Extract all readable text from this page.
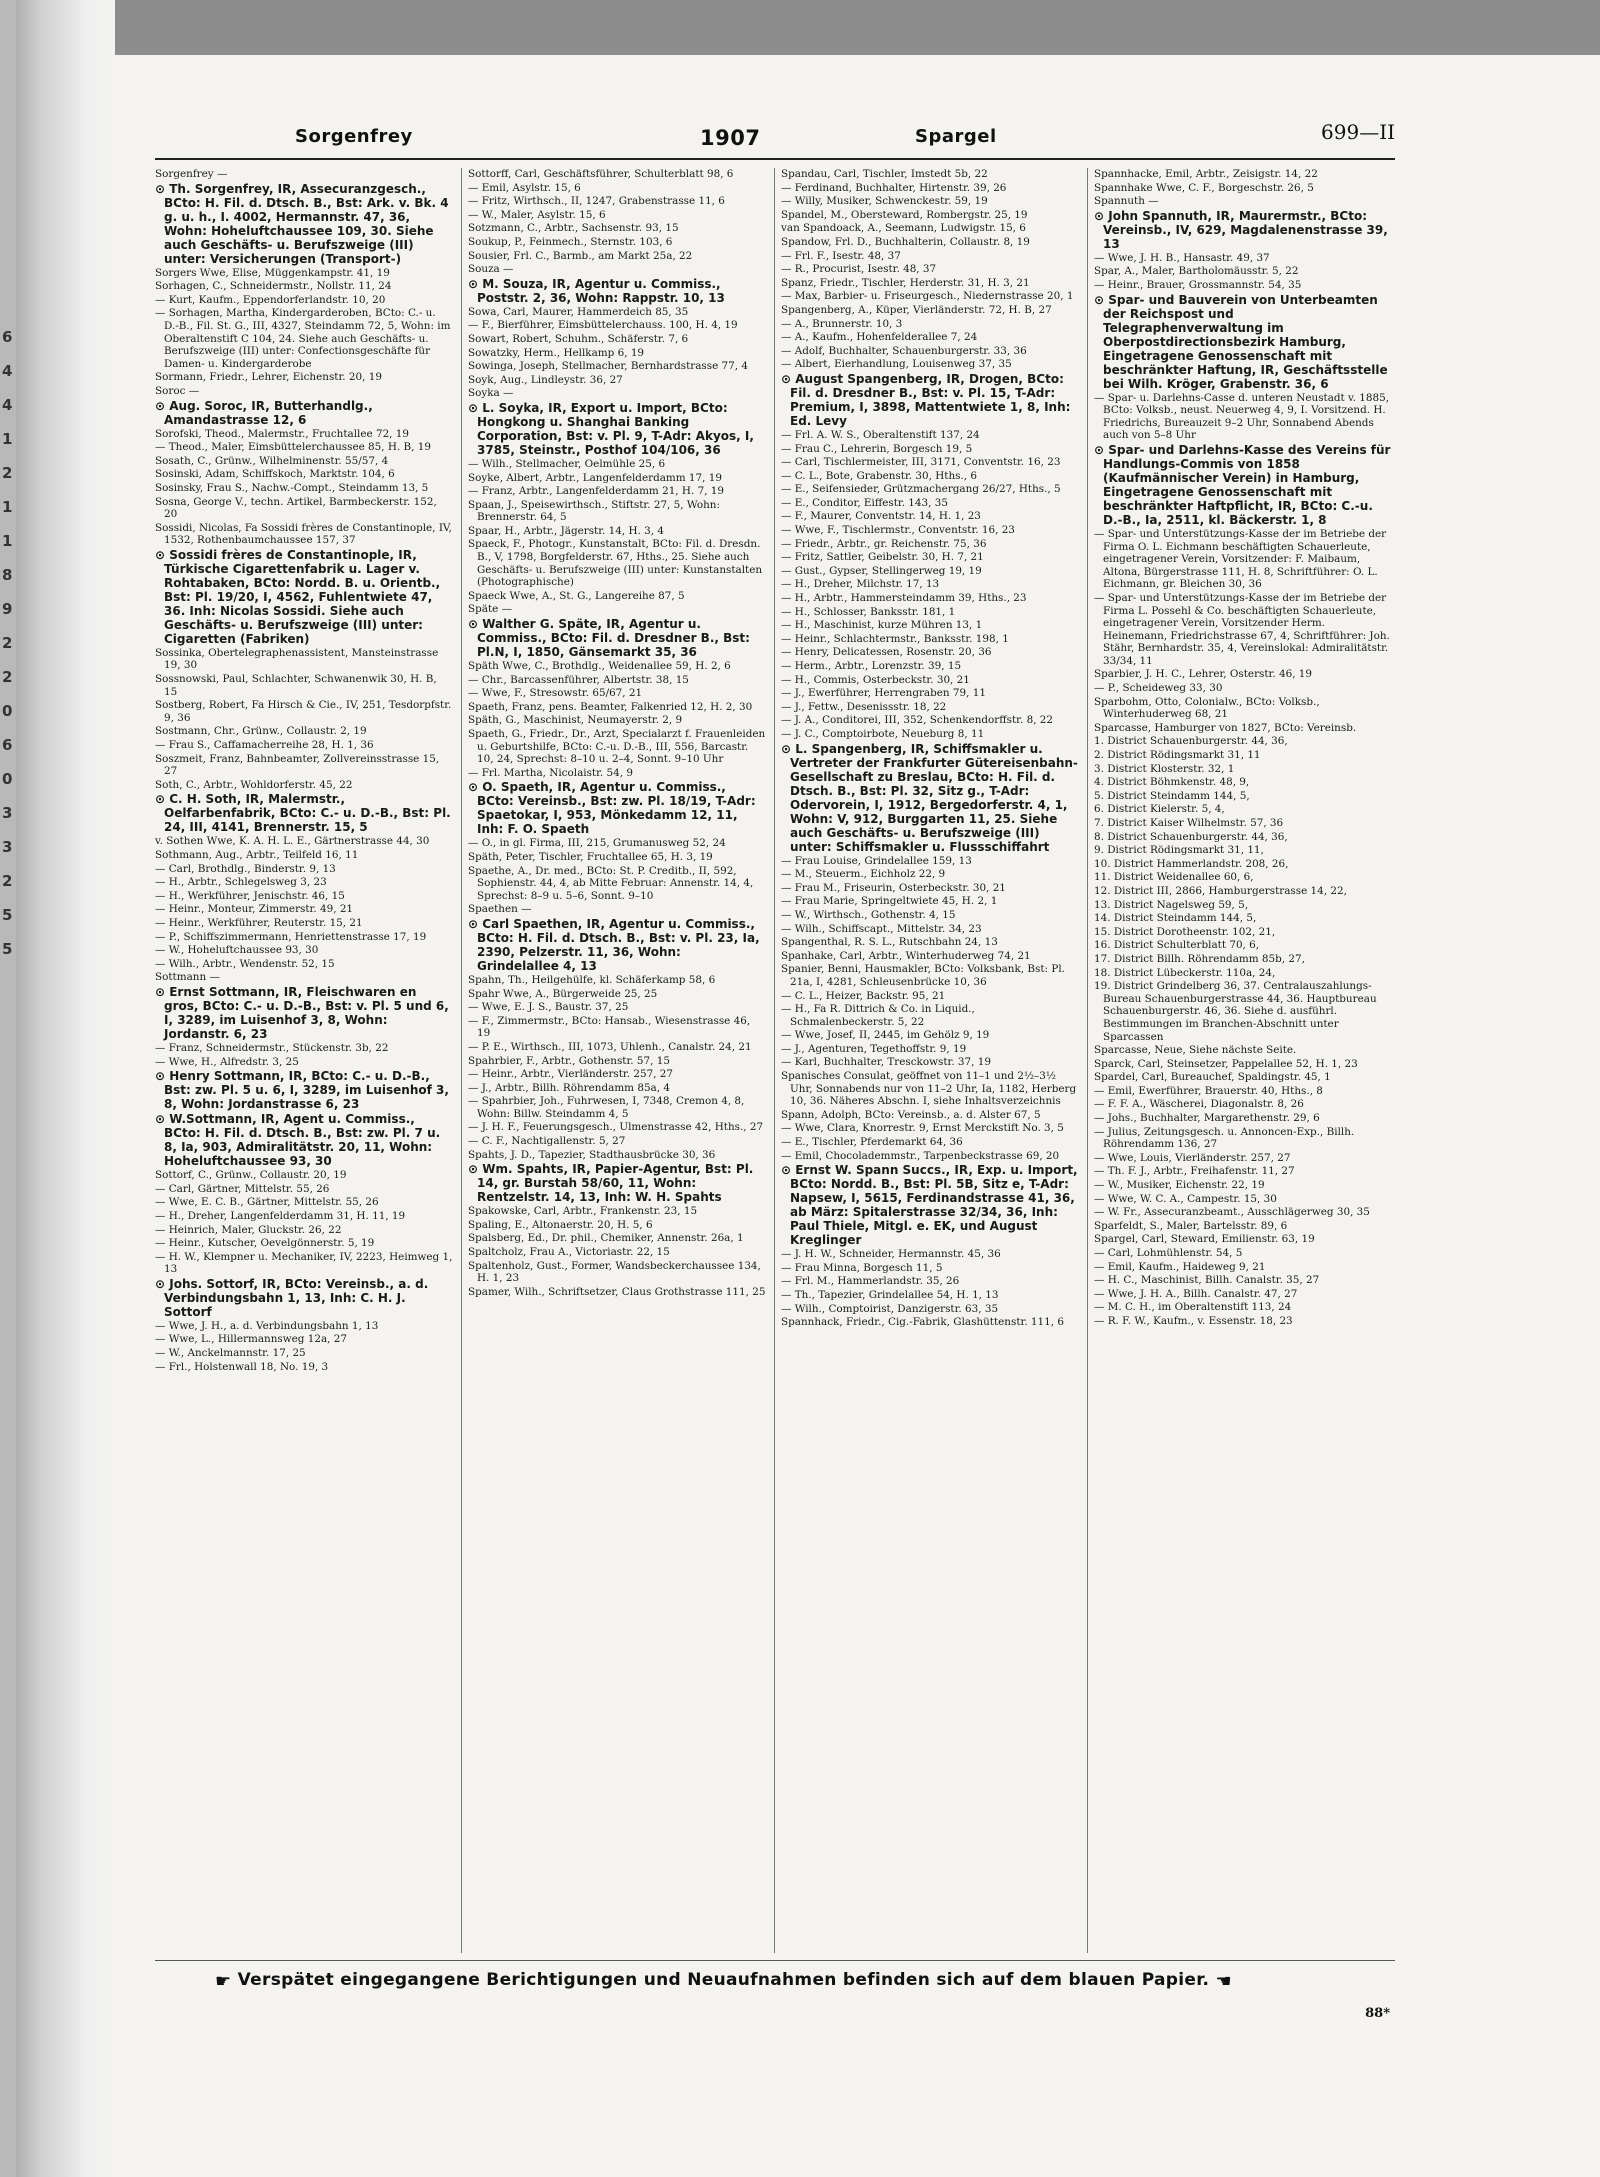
6
4
4
1
2
1
1
8
9
2
2
0
6
0
3
3
2
5
5
Sorgenfrey	1907	Spargel	699—II
Sorgenfrey —
⊙ Th. Sorgenfrey, IR, Assecuranzgesch., BCto: H. Fil. d. Dtsch. B., Bst: Ark. v. Bk. 4 g. u. h., I. 4002, Hermannstr. 47, 36, Wohn: Hoheluftchaussee 109, 30. Siehe auch Geschäfts- u. Berufszweige (III) unter: Versicherungen (Transport-)
Sorgers Wwe, Elise, Müggenkampstr. 41, 19
Sorhagen, C., Schneidermstr., Nollstr. 11, 24
— Kurt, Kaufm., Eppendorferlandstr. 10, 20
— Sorhagen, Martha, Kindergarderoben, BCto: C.- u. D.-B., Fil. St. G., III, 4327, Steindamm 72, 5, Wohn: im Oberaltenstift C 104, 24. Siehe auch Geschäfts- u. Berufszweige (III) unter: Confectionsgeschäfte für Damen- u. Kindergarderobe
Sormann, Friedr., Lehrer, Eichenstr. 20, 19
Soroc —
⊙ Aug. Soroc, IR, Butterhandlg., Amandastrasse 12, 6
Sorofski, Theod., Malermstr., Fruchtallee 72, 19
— Theod., Maler, Eimsbüttelerchaussee 85, H. B, 19
Sosath, C., Grünw., Wilhelminenstr. 55/57, 4
Sosinski, Adam, Schiffskoch, Marktstr. 104, 6
Sosinsky, Frau S., Nachw.-Compt., Steindamm 13, 5
Sosna, George V., techn. Artikel, Barmbeckerstr. 152, 20
Sossidi, Nicolas, Fa Sossidi frères de Constantinople, IV, 1532, Rothenbaumchaussee 157, 37
⊙ Sossidi frères de Constantinople, IR, Türkische Cigarettenfabrik u. Lager v. Rohtabaken, BCto: Nordd. B. u. Orientb., Bst: Pl. 19/20, I, 4562, Fuhlentwiete 47, 36. Inh: Nicolas Sossidi. Siehe auch Geschäfts- u. Berufszweige (III) unter: Cigaretten (Fabriken)
Sossinka, Obertelegraphenassistent, Mansteinstrasse 19, 30
Sossnowski, Paul, Schlachter, Schwanenwik 30, H. B, 15
Sostberg, Robert, Fa Hirsch & Cie., IV, 251, Tesdorpfstr. 9, 36
Sostmann, Chr., Grünw., Collaustr. 2, 19
— Frau S., Caffamacherreihe 28, H. 1, 36
Soszmeit, Franz, Bahnbeamter, Zollvereinsstrasse 15, 27
Soth, C., Arbtr., Wohldorferstr. 45, 22
⊙ C. H. Soth, IR, Malermstr., Oelfarbenfabrik, BCto: C.- u. D.-B., Bst: Pl. 24, III, 4141, Brennerstr. 15, 5
v. Sothen Wwe, K. A. H. L. E., Gärtnerstrasse 44, 30
Sothmann, Aug., Arbtr., Teilfeld 16, 11
— Carl, Brothdlg., Binderstr. 9, 13
— H., Arbtr., Schlegelsweg 3, 23
— H., Werkführer, Jenischstr. 46, 15
— Heinr., Monteur, Zimmerstr. 49, 21
— Heinr., Werkführer, Reuterstr. 15, 21
— P., Schiffszimmermann, Henriettenstrasse 17, 19
— W., Hoheluftchaussee 93, 30
— Wilh., Arbtr., Wendenstr. 52, 15
Sottmann —
⊙ Ernst Sottmann, IR, Fleischwaren en gros, BCto: C.- u. D.-B., Bst: v. Pl. 5 und 6, I, 3289, im Luisenhof 3, 8, Wohn: Jordanstr. 6, 23
— Franz, Schneidermstr., Stückenstr. 3b, 22
— Wwe, H., Alfredstr. 3, 25
⊙ Henry Sottmann, IR, BCto: C.- u. D.-B., Bst: zw. Pl. 5 u. 6, I, 3289, im Luisenhof 3, 8, Wohn: Jordanstrasse 6, 23
⊙ W.Sottmann, IR, Agent u. Commiss., BCto: H. Fil. d. Dtsch. B., Bst: zw. Pl. 7 u. 8, Ia, 903, Admiralitätstr. 20, 11, Wohn: Hoheluftchaussee 93, 30
Sottorf, C., Grünw., Collaustr. 20, 19
— Carl, Gärtner, Mittelstr. 55, 26
— Wwe, E. C. B., Gärtner, Mittelstr. 55, 26
— H., Dreher, Langenfelderdamm 31, H. 11, 19
— Heinrich, Maler, Gluckstr. 26, 22
— Heinr., Kutscher, Oevelgönnerstr. 5, 19
— H. W., Klempner u. Mechaniker, IV, 2223, Heimweg 1, 13
⊙ Johs. Sottorf, IR, BCto: Vereinsb., a. d. Verbindungsbahn 1, 13, Inh: C. H. J. Sottorf
— Wwe, J. H., a. d. Verbindungsbahn 1, 13
— Wwe, L., Hillermannsweg 12a, 27
— W., Anckelmannstr. 17, 25
— Frl., Holstenwall 18, No. 19, 3
Sottorff, Carl, Geschäftsführer, Schulterblatt 98, 6
— Emil, Asylstr. 15, 6
— Fritz, Wirthsch., II, 1247, Grabenstrasse 11, 6
— W., Maler, Asylstr. 15, 6
Sotzmann, C., Arbtr., Sachsenstr. 93, 15
Soukup, P., Feinmech., Sternstr. 103, 6
Sousier, Frl. C., Barmb., am Markt 25a, 22
Souza —
⊙ M. Souza, IR, Agentur u. Commiss., Poststr. 2, 36, Wohn: Rappstr. 10, 13
Sowa, Carl, Maurer, Hammerdeich 85, 35
— F., Bierführer, Eimsbüttelerchauss. 100, H. 4, 19
Sowart, Robert, Schuhm., Schäferstr. 7, 6
Sowatzky, Herm., Hellkamp 6, 19
Sowinga, Joseph, Stellmacher, Bernhardstrasse 77, 4
Soyk, Aug., Lindleystr. 36, 27
Soyka —
⊙ L. Soyka, IR, Export u. Import, BCto: Hongkong u. Shanghai Banking Corporation, Bst: v. Pl. 9, T-Adr: Akyos, I, 3785, Steinstr., Posthof 104/106, 36
— Wilh., Stellmacher, Oelmühle 25, 6
Soyke, Albert, Arbtr., Langenfelderdamm 17, 19
— Franz, Arbtr., Langenfelderdamm 21, H. 7, 19
Spaan, J., Speisewirthsch., Stiftstr. 27, 5, Wohn: Brennerstr. 64, 5
Spaar, H., Arbtr., Jägerstr. 14, H. 3, 4
Spaeck, F., Photogr., Kunstanstalt, BCto: Fil. d. Dresdn. B., V, 1798, Borgfelderstr. 67, Hths., 25. Siehe auch Geschäfts- u. Berufszweige (III) unter: Kunstanstalten (Photographische)
Spaeck Wwe, A., St. G., Langereihe 87, 5
Späte —
⊙ Walther G. Späte, IR, Agentur u. Commiss., BCto: Fil. d. Dresdner B., Bst: Pl.N, I, 1850, Gänsemarkt 35, 36
Späth Wwe, C., Brothdlg., Weidenallee 59, H. 2, 6
— Chr., Barcassenführer, Albertstr. 38, 15
— Wwe, F., Stresowstr. 65/67, 21
Spaeth, Franz, pens. Beamter, Falkenried 12, H. 2, 30
Späth, G., Maschinist, Neumayerstr. 2, 9
Spaeth, G., Friedr., Dr., Arzt, Specialarzt f. Frauenleiden u. Geburtshilfe, BCto: C.-u. D.-B., III, 556, Barcastr. 10, 24, Sprechst: 8–10 u. 2–4, Sonnt. 9–10 Uhr
— Frl. Martha, Nicolaistr. 54, 9
⊙ O. Spaeth, IR, Agentur u. Commiss., BCto: Vereinsb., Bst: zw. Pl. 18/19, T-Adr: Spaetokar, I, 953, Mönkedamm 12, 11, Inh: F. O. Spaeth
— O., in gl. Firma, III, 215, Grumanusweg 52, 24
Späth, Peter, Tischler, Fruchtallee 65, H. 3, 19
Spaethe, A., Dr. med., BCto: St. P. Creditb., II, 592, Sophienstr. 44, 4, ab Mitte Februar: Annenstr. 14, 4, Sprechst: 8–9 u. 5–6, Sonnt. 9–10
Spaethen —
⊙ Carl Spaethen, IR, Agentur u. Commiss., BCto: H. Fil. d. Dtsch. B., Bst: v. Pl. 23, Ia, 2390, Pelzerstr. 11, 36, Wohn: Grindelallee 4, 13
Spahn, Th., Heilgehülfe, kl. Schäferkamp 58, 6
Spahr Wwe, A., Bürgerweide 25, 25
— Wwe, E. J. S., Baustr. 37, 25
— F., Zimmermstr., BCto: Hansab., Wiesenstrasse 46, 19
— P. E., Wirthsch., III, 1073, Uhlenh., Canalstr. 24, 21
Spahrbier, F., Arbtr., Gothenstr. 57, 15
— Heinr., Arbtr., Vierländerstr. 257, 27
— J., Arbtr., Billh. Röhrendamm 85a, 4
— Spahrbier, Joh., Fuhrwesen, I, 7348, Cremon 4, 8, Wohn: Billw. Steindamm 4, 5
— J. H. F., Feuerungsgesch., Ulmenstrasse 42, Hths., 27
— C. F., Nachtigallenstr. 5, 27
Spahts, J. D., Tapezier, Stadthausbrücke 30, 36
⊙ Wm. Spahts, IR, Papier-Agentur, Bst: Pl. 14, gr. Burstah 58/60, 11, Wohn: Rentzelstr. 14, 13, Inh: W. H. Spahts
Spakowske, Carl, Arbtr., Frankenstr. 23, 15
Spaling, E., Altonaerstr. 20, H. 5, 6
Spalsberg, Ed., Dr. phil., Chemiker, Annenstr. 26a, 1
Spaltcholz, Frau A., Victoriastr. 22, 15
Spaltenholz, Gust., Former, Wandsbeckerchaussee 134, H. 1, 23
Spamer, Wilh., Schriftsetzer, Claus Grothstrasse 111, 25
Spandau, Carl, Tischler, Imstedt 5b, 22
— Ferdinand, Buchhalter, Hirtenstr. 39, 26
— Willy, Musiker, Schwenckestr. 59, 19
Spandel, M., Obersteward, Rombergstr. 25, 19
van Spandoack, A., Seemann, Ludwigstr. 15, 6
Spandow, Frl. D., Buchhalterin, Collaustr. 8, 19
— Frl. F., Isestr. 48, 37
— R., Procurist, Isestr. 48, 37
Spanz, Friedr., Tischler, Herderstr. 31, H. 3, 21
— Max, Barbier- u. Friseurgesch., Niedernstrasse 20, 1
Spangenberg, A., Küper, Vierländerstr. 72, H. B, 27
— A., Brunnerstr. 10, 3
— A., Kaufm., Hohenfelderallee 7, 24
— Adolf, Buchhalter, Schauenburgerstr. 33, 36
— Albert, Eierhandlung, Louisenweg 37, 35
⊙ August Spangenberg, IR, Drogen, BCto: Fil. d. Dresdner B., Bst: v. Pl. 15, T-Adr: Premium, I, 3898, Mattentwiete 1, 8, Inh: Ed. Levy
— Frl. A. W. S., Oberaltenstift 137, 24
— Frau C., Lehrerin, Borgesch 19, 5
— Carl, Tischlermeister, III, 3171, Conventstr. 16, 23
— C. L., Bote, Grabenstr. 30, Hths., 6
— E., Seifensieder, Grützmachergang 26/27, Hths., 5
— E., Conditor, Eiffestr. 143, 35
— F., Maurer, Conventstr. 14, H. 1, 23
— Wwe, F., Tischlermstr., Conventstr. 16, 23
— Friedr., Arbtr., gr. Reichenstr. 75, 36
— Fritz, Sattler, Geibelstr. 30, H. 7, 21
— Gust., Gypser, Stellingerweg 19, 19
— H., Dreher, Milchstr. 17, 13
— H., Arbtr., Hammersteindamm 39, Hths., 23
— H., Schlosser, Banksstr. 181, 1
— H., Maschinist, kurze Mühren 13, 1
— Heinr., Schlachtermstr., Banksstr. 198, 1
— Henry, Delicatessen, Rosenstr. 20, 36
— Herm., Arbtr., Lorenzstr. 39, 15
— H., Commis, Osterbeckstr. 30, 21
— J., Ewerführer, Herrengraben 79, 11
— J., Fettw., Desenissstr. 18, 22
— J. A., Conditorei, III, 352, Schenkendorffstr. 8, 22
— J. C., Comptoirbote, Neueburg 8, 11
⊙ L. Spangenberg, IR, Schiffsmakler u. Vertreter der Frankfurter Gütereisenbahn-Gesellschaft zu Breslau, BCto: H. Fil. d. Dtsch. B., Bst: Pl. 32, Sitz g., T-Adr: Odervorein, I, 1912, Bergedorferstr. 4, 1, Wohn: V, 912, Burggarten 11, 25. Siehe auch Geschäfts- u. Berufszweige (III) unter: Schiffsmakler u. Flussschiffahrt
— Frau Louise, Grindelallee 159, 13
— M., Steuerm., Eichholz 22, 9
— Frau M., Friseurin, Osterbeckstr. 30, 21
— Frau Marie, Springeltwiete 45, H. 2, 1
— W., Wirthsch., Gothenstr. 4, 15
— Wilh., Schiffscapt., Mittelstr. 34, 23
Spangenthal, R. S. L., Rutschbahn 24, 13
Spanhake, Carl, Arbtr., Winterhuderweg 74, 21
Spanier, Benni, Hausmakler, BCto: Volksbank, Bst: Pl. 21a, I, 4281, Schleusenbrücke 10, 36
— C. L., Heizer, Backstr. 95, 21
— H., Fa R. Dittrich & Co. in Liquid., Schmalenbeckerstr. 5, 22
— Wwe, Josef, II, 2445, im Gehölz 9, 19
— J., Agenturen, Tegethoffstr. 9, 19
— Karl, Buchhalter, Tresckowstr. 37, 19
Spanisches Consulat, geöffnet von 11–1 und 2½–3½ Uhr, Sonnabends nur von 11–2 Uhr, Ia, 1182, Herberg 10, 36. Näheres Abschn. I, siehe Inhaltsverzeichnis
Spann, Adolph, BCto: Vereinsb., a. d. Alster 67, 5
— Wwe, Clara, Knorrestr. 9, Ernst Merckstift No. 3, 5
— E., Tischler, Pferdemarkt 64, 36
— Emil, Chocolademmstr., Tarpenbeckstrasse 69, 20
⊙ Ernst W. Spann Succs., IR, Exp. u. Import, BCto: Nordd. B., Bst: Pl. 5B, Sitz e, T-Adr: Napsew, I, 5615, Ferdinandstrasse 41, 36, ab März: Spitalerstrasse 32/34, 36, Inh: Paul Thiele, Mitgl. e. EK, und August Kreglinger
— J. H. W., Schneider, Hermannstr. 45, 36
— Frau Minna, Borgesch 11, 5
— Frl. M., Hammerlandstr. 35, 26
— Th., Tapezier, Grindelallee 54, H. 1, 13
— Wilh., Comptoirist, Danzigerstr. 63, 35
Spannhack, Friedr., Cig.-Fabrik, Glashüttenstr. 111, 6
Spannhacke, Emil, Arbtr., Zeisigstr. 14, 22
Spannhake Wwe, C. F., Borgeschstr. 26, 5
Spannuth —
⊙ John Spannuth, IR, Maurermstr., BCto: Vereinsb., IV, 629, Magdalenenstrasse 39, 13
— Wwe, J. H. B., Hansastr. 49, 37
Spar, A., Maler, Bartholomäusstr. 5, 22
— Heinr., Brauer, Grossmannstr. 54, 35
⊙ Spar- und Bauverein von Unterbeamten der Reichspost und Telegraphenverwaltung im Oberpostdirectionsbezirk Hamburg, Eingetragene Genossenschaft mit beschränkter Haftung, IR, Geschäftsstelle bei Wilh. Kröger, Grabenstr. 36, 6
— Spar- u. Darlehns-Casse d. unteren Neustadt v. 1885, BCto: Volksb., neust. Neuerweg 4, 9, I. Vorsitzend. H. Friedrichs, Bureauzeit 9–2 Uhr, Sonnabend Abends auch von 5–8 Uhr
⊙ Spar- und Darlehns-Kasse des Vereins für Handlungs-Commis von 1858 (Kaufmännischer Verein) in Hamburg, Eingetragene Genossenschaft mit beschränkter Haftpflicht, IR, BCto: C.-u. D.-B., Ia, 2511, kl. Bäckerstr. 1, 8
— Spar- und Unterstützungs-Kasse der im Betriebe der Firma O. L. Eichmann beschäftigten Schauerleute, eingetragener Verein, Vorsitzender: F. Maibaum, Altona, Bürgerstrasse 111, H. 8, Schriftführer: O. L. Eichmann, gr. Bleichen 30, 36
— Spar- und Unterstützungs-Kasse der im Betriebe der Firma L. Possehl & Co. beschäftigten Schauerleute, eingetragener Verein, Vorsitzender Herm. Heinemann, Friedrichstrasse 67, 4, Schriftführer: Joh. Stähr, Bernhardstr. 35, 4, Vereinslokal: Admiralitätstr. 33/34, 11
Sparbier, J. H. C., Lehrer, Osterstr. 46, 19
— P., Scheideweg 33, 30
Sparbohm, Otto, Colonialw., BCto: Volksb., Winterhuderweg 68, 21
Sparcasse, Hamburger von 1827, BCto: Vereinsb.
1. District Schauenburgerstr. 44, 36,
2. District Rödingsmarkt 31, 11
3. District Klosterstr. 32, 1
4. District Böhmkenstr. 48, 9,
5. District Steindamm 144, 5,
6. District Kielerstr. 5, 4,
7. District Kaiser Wilhelmstr. 57, 36
8. District Schauenburgerstr. 44, 36,
9. District Rödingsmarkt 31, 11,
10. District Hammerlandstr. 208, 26,
11. District Weidenallee 60, 6,
12. District III, 2866, Hamburgerstrasse 14, 22,
13. District Nagelsweg 59, 5,
14. District Steindamm 144, 5,
15. District Dorotheenstr. 102, 21,
16. District Schulterblatt 70, 6,
17. District Billh. Röhrendamm 85b, 27,
18. District Lübeckerstr. 110a, 24,
19. District Grindelberg 36, 37. Centralauszahlungs-Bureau Schauenburgerstrasse 44, 36. Hauptbureau Schauenburgerstr. 46, 36. Siehe d. ausführl. Bestimmungen im Branchen-Abschnitt unter Sparcassen
Sparcasse, Neue, Siehe nächste Seite.
Sparck, Carl, Steinsetzer, Pappelallee 52, H. 1, 23
Spardel, Carl, Bureauchef, Spaldingstr. 45, 1
— Emil, Ewerführer, Brauerstr. 40, Hths., 8
— F. F. A., Wäscherei, Diagonalstr. 8, 26
— Johs., Buchhalter, Margarethenstr. 29, 6
— Julius, Zeitungsgesch. u. Annoncen-Exp., Billh. Röhrendamm 136, 27
— Wwe, Louis, Vierländerstr. 257, 27
— Th. F. J., Arbtr., Freihafenstr. 11, 27
— W., Musiker, Eichenstr. 22, 19
— Wwe, W. C. A., Campestr. 15, 30
— W. Fr., Assecuranzbeamt., Ausschlägerweg 30, 35
Sparfeldt, S., Maler, Bartelsstr. 89, 6
Spargel, Carl, Steward, Emilienstr. 63, 19
— Carl, Lohmühlenstr. 54, 5
— Emil, Kaufm., Haideweg 9, 21
— H. C., Maschinist, Billh. Canalstr. 35, 27
— Wwe, J. H. A., Billh. Canalstr. 47, 27
— M. C. H., im Oberaltenstift 113, 24
— R. F. W., Kaufm., v. Essenstr. 18, 23
☛ Verspätet eingegangene Berichtigungen und Neuaufnahmen befinden sich auf dem blauen Papier. ☚
88*
